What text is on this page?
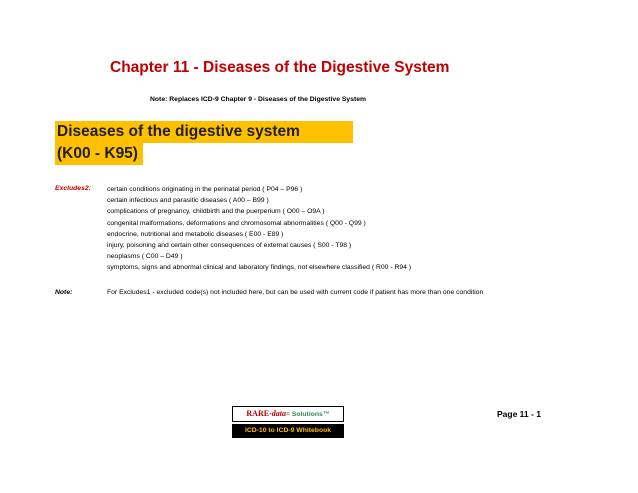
Chapter 11 - Diseases of the Digestive System
Note: Replaces ICD-9 Chapter 9 - Diseases of the Digestive System
Diseases of the digestive system
(K00 - K95)
Excludes2: certain conditions originating in the perinatal period ( P04 – P96 )
certain infectious and parasitic diseases ( A00 – B99 )
complications of pregnancy, childbirth and the puerperium ( O00 – O9A )
congenital malformations, deformations and chromosomal abnormalities ( Q00 - Q99 )
endocrine, nutritional and metabolic diseases ( E00 - E89 )
injury, poisoning and certain other consequences of external causes ( S00 - T98 )
neoplasms ( C00 – D49 )
symptoms, signs and abnormal clinical and laboratory findings, not elsewhere classified ( R00 - R94 )
Note:	For Excludes1 - excluded code(s) not included here, but can be used with current code if patient has more than one condition
RARE-data= Solutions™
ICD-10 to ICD-9 Whitebook
Page 11 - 1
